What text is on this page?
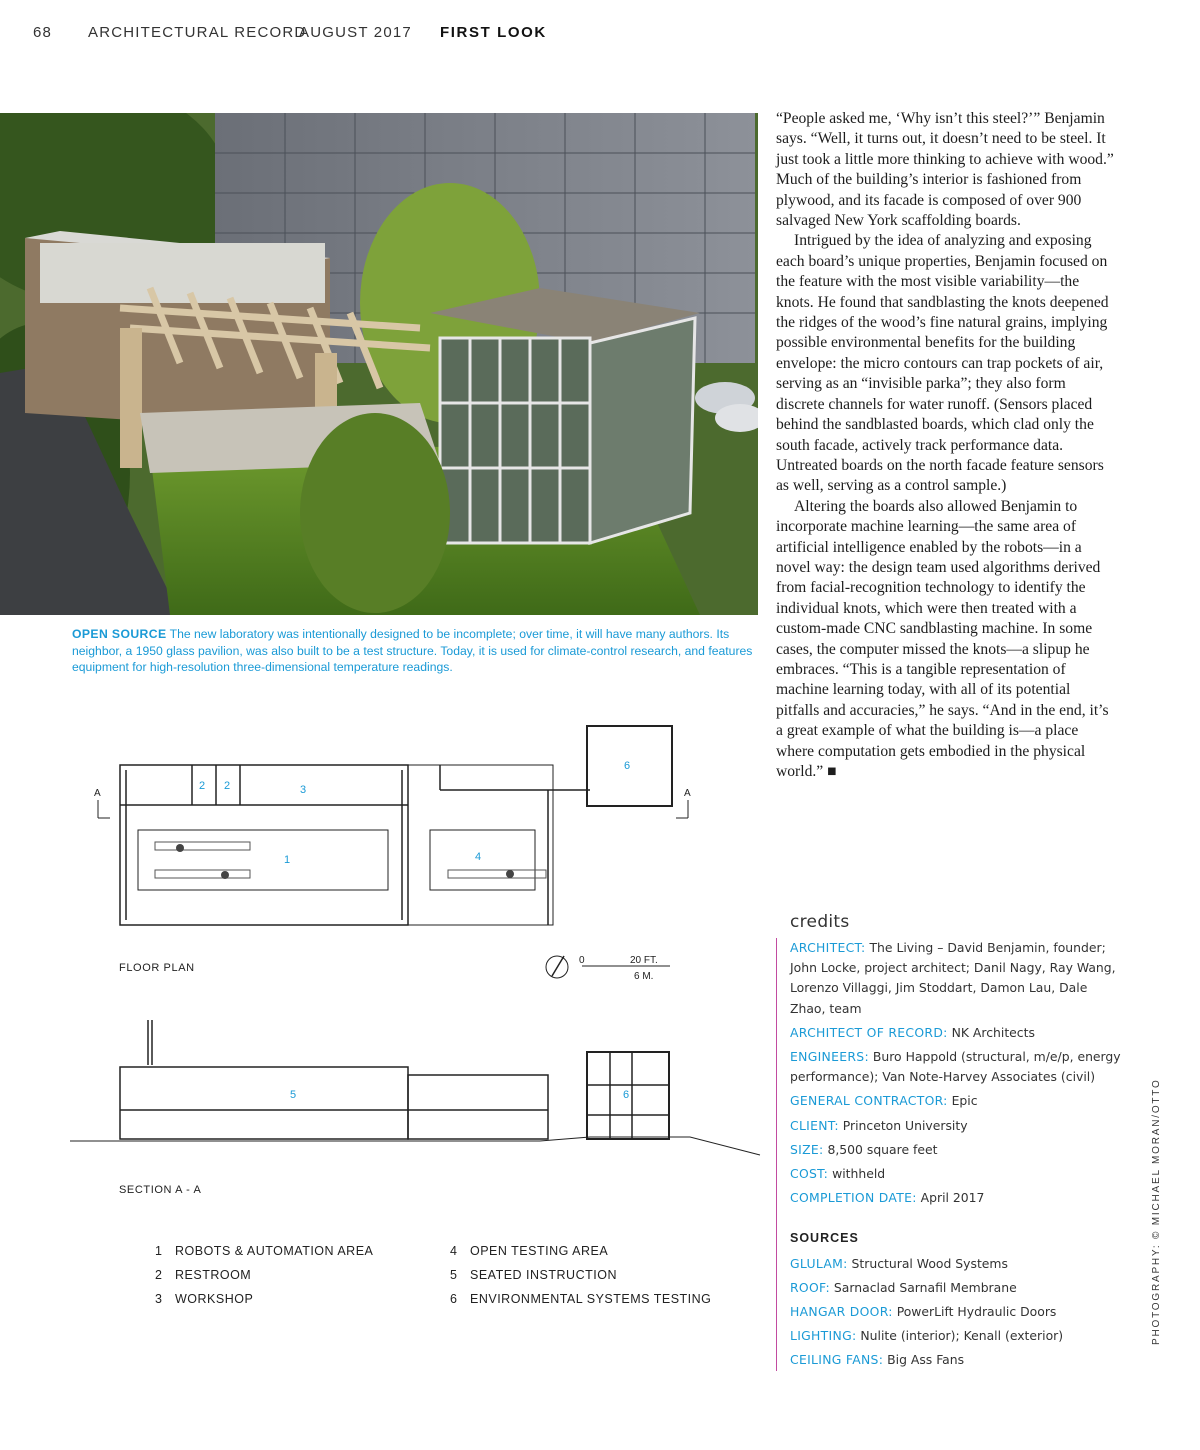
68 ARCHITECTURAL RECORD
AUGUST 2017 FIRST LOOK
OPEN SOURCE The new laboratory was intentionally designed to be incomplete; over time, it will have many authors. Its neighbor, a 1950 glass pavilion, was also built to be a test structure. Today, it is used for climate-control research, and features equipment for high-resolution three-dimensional temperature readings.

“People asked me, ‘Why isn’t this steel?’” Benjamin says. “Well, it turns out, it doesn’t need to be steel. It just took a little more thinking to achieve with wood.” Much of the building’s interior is fashioned from plywood, and its facade is composed of over 900 salvaged New York scaffolding boards.

Intrigued by the idea of analyzing and exposing each board’s unique properties, Benjamin focused on the feature with the most visible variability—the knots. He found that sandblasting the knots deepened the ridges of the wood’s fine natural grains, implying possible environmental benefits for the building envelope: the micro contours can trap pockets of air, serving as an “invisible parka”; they also form discrete channels for water runoff. (Sensors placed behind the sandblasted boards, which clad only the south facade, actively track performance data. Untreated boards on the north facade feature sensors as well, serving as a control sample.)

Altering the boards also allowed Benjamin to incorporate machine learning—the same area of artificial intelligence enabled by the robots—in a novel way: the design team used algorithms derived from facial-recognition technology to identify the individual knots, which were then treated with a custom-made CNC sandblasting machine. In some cases, the computer missed the knots—a slipup he embraces. “This is a tangible representation of machine learning today, with all of its potential pitfalls and accuracies,” he says. “And in the end, it’s a great example of what the building is—a place where computation gets embodied in the physical world.” ■

A	A
2 2	3
1	4
6
0	20 FT.
6 M.
FLOOR PLAN
5	6
SECTION A - A
1	ROBOTS & AUTOMATION AREA
2	RESTROOM
3	WORKSHOP
4	OPEN TESTING AREA
5	SEATED INSTRUCTION
6	ENVIRONMENTAL SYSTEMS TESTING
credits
ARCHITECT: The Living – David Benjamin, founder; John Locke, project architect; Danil Nagy, Ray Wang, Lorenzo Villaggi, Jim Stoddart, Damon Lau, Dale Zhao, team
ARCHITECT OF RECORD: NK Architects
ENGINEERS: Buro Happold (structural, m/e/p, energy performance); Van Note-Harvey Associates (civil)
GENERAL CONTRACTOR: Epic
CLIENT: Princeton University
SIZE: 8,500 square feet
COST: withheld
COMPLETION DATE: April 2017
SOURCES
GLULAM: Structural Wood Systems
ROOF: Sarnaclad Sarnafil Membrane
HANGAR DOOR: PowerLift Hydraulic Doors
LIGHTING: Nulite (interior); Kenall (exterior)
CEILING FANS: Big Ass Fans
PHOTOGRAPHY: © MICHAEL MORAN/OTTO
